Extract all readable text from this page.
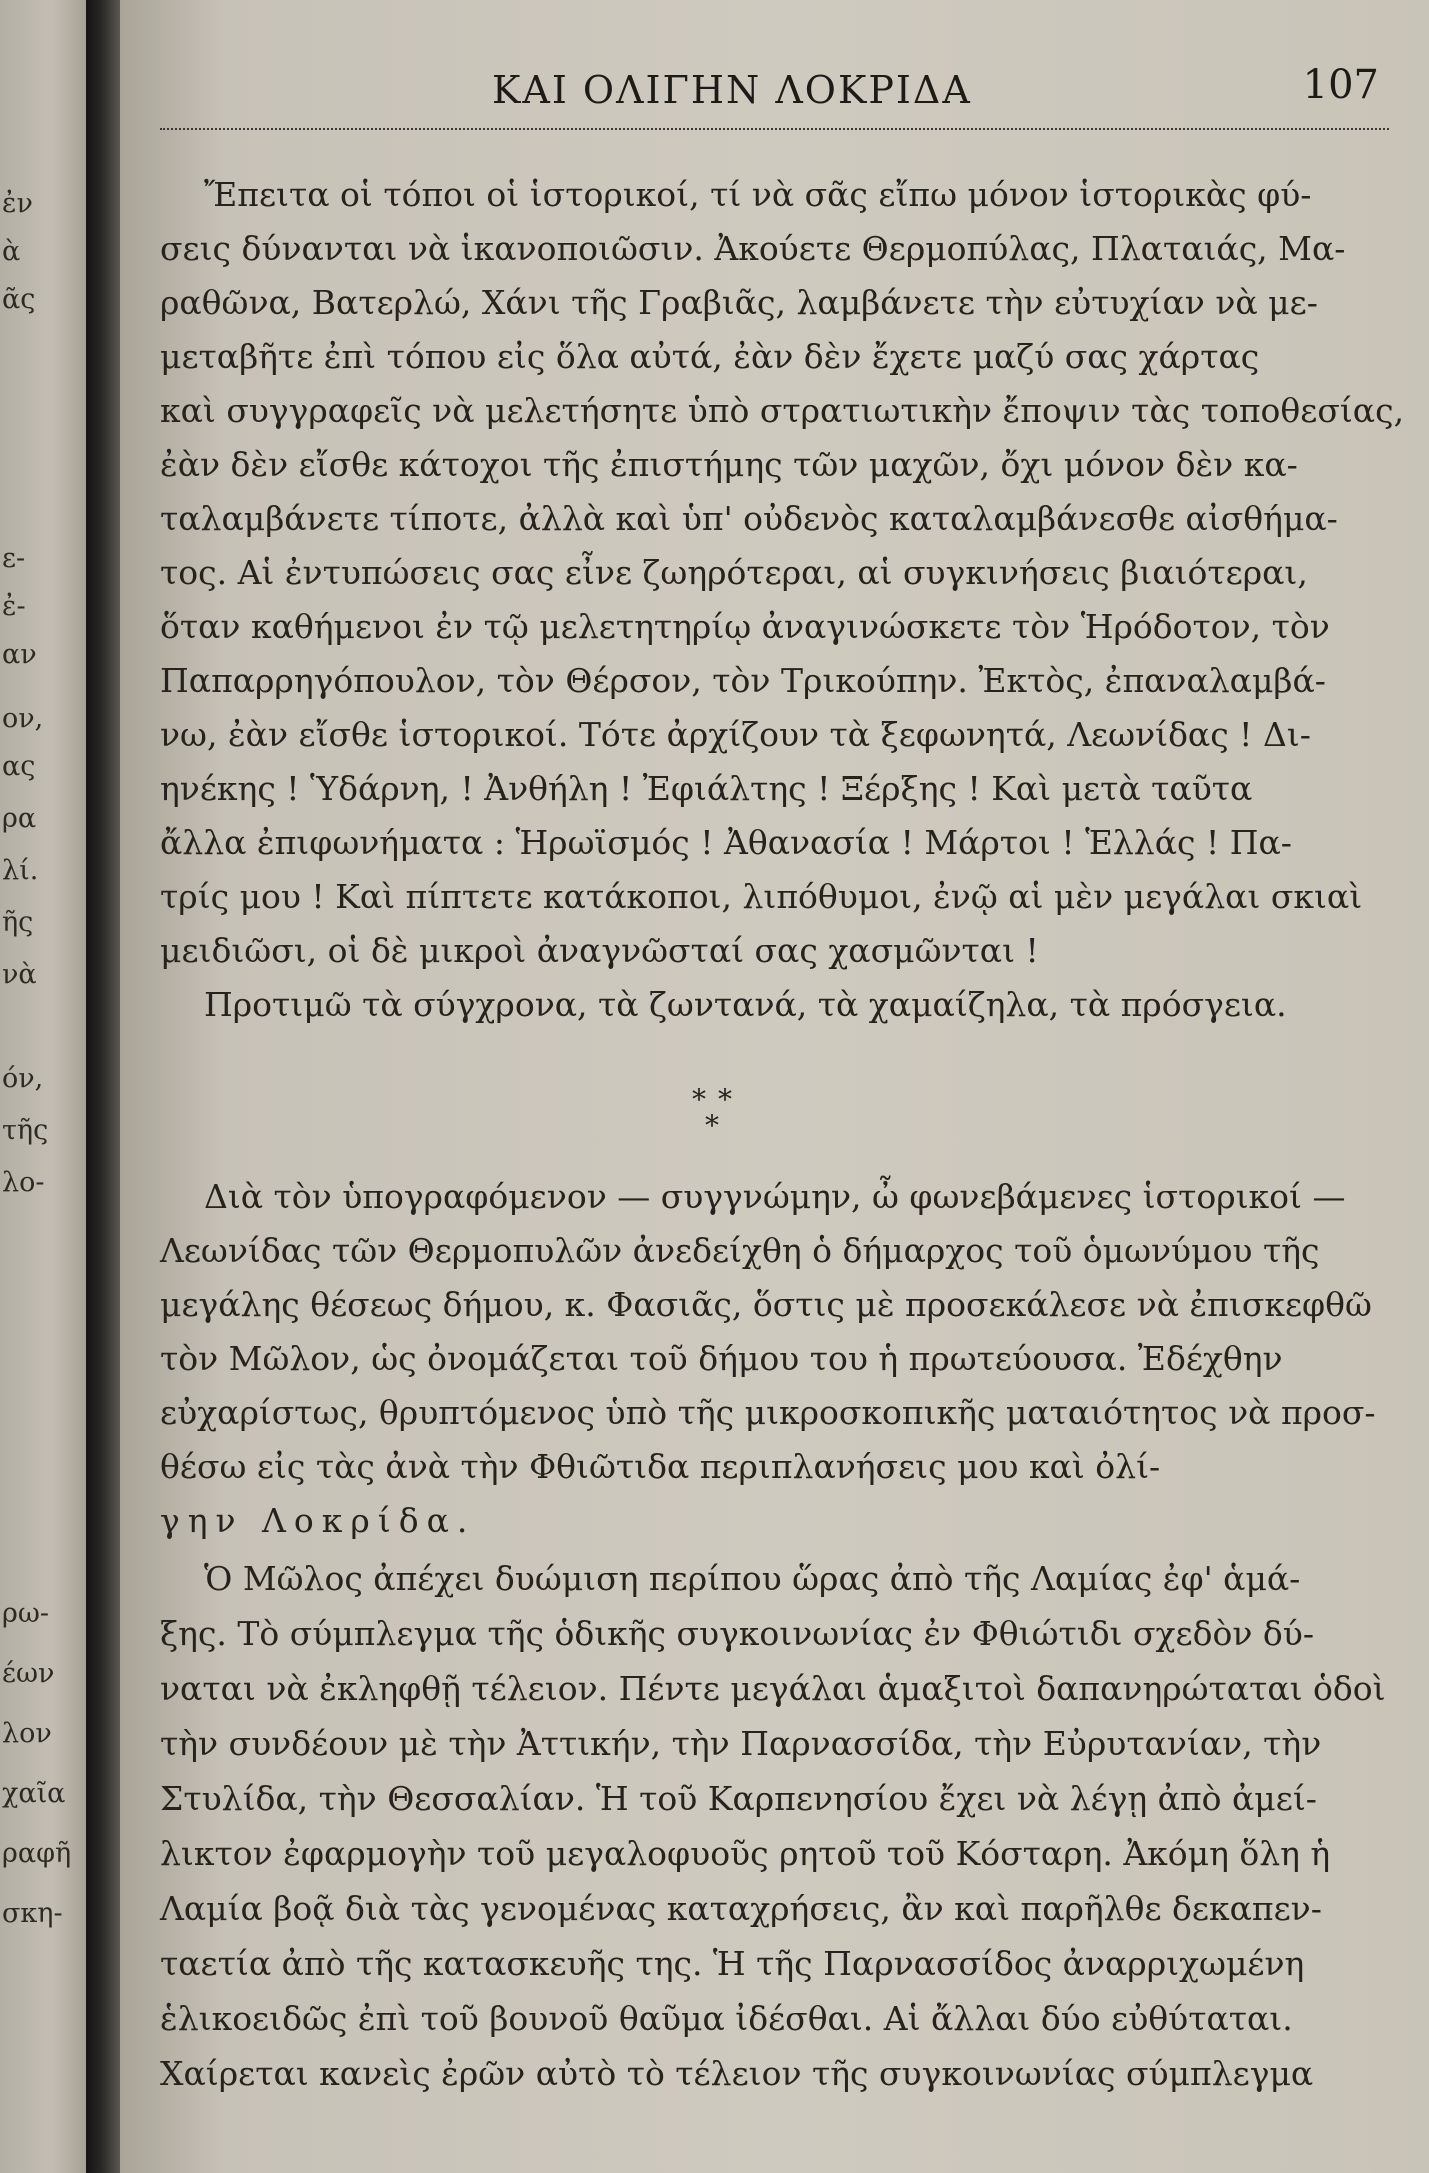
ἐν
ὰ
ᾶς
ε-
ἐ-
αν
ον,
ας
ρα
λί.
ῆς
νὰ
όν,
τῆς
λο-
ρω-
έων
λον
χαῖα
ραφῆ
σκη-
ΚΑΙ ΟΛΙΓΗΝ ΛΟΚΡΙΔΑ	107
Ἔπειτα οἱ τόποι οἱ ἱστορικοί, τί νὰ σᾶς εἴπω μόνον ἱστορικὰς φύ-
σεις δύνανται νὰ ἱκανοποιῶσιν. Ἀκούετε Θερμοπύλας, Πλαταιάς, Μα-
ραθῶνα, Βατερλώ, Χάνι τῆς Γραβιᾶς, λαμβάνετε τὴν εὐτυχίαν νὰ με-
μεταβῆτε ἐπὶ τόπου εἰς ὅλα αὐτά, ἐὰν δὲν ἔχετε μαζύ σας χάρτας
καὶ συγγραφεῖς νὰ μελετήσητε ὑπὸ στρατιωτικὴν ἔποψιν τὰς τοποθεσίας,
ἐὰν δὲν εἴσθε κάτοχοι τῆς ἐπιστήμης τῶν μαχῶν, ὄχι μόνον δὲν κα-
ταλαμβάνετε τίποτε, ἀλλὰ καὶ ὑπ' οὐδενὸς καταλαμβάνεσθε αἰσθήμα-
τος. Αἱ ἐντυπώσεις σας εἶνε ζωηρότεραι, αἱ συγκινήσεις βιαιότεραι,
ὅταν καθήμενοι ἐν τῷ μελετητηρίῳ ἀναγινώσκετε τὸν Ἡρόδοτον, τὸν
Παπαρρηγόπουλον, τὸν Θέρσον, τὸν Τρικούπην. Ἐκτὸς, ἐπαναλαμβά-
νω, ἐὰν εἴσθε ἱστορικοί. Τότε ἀρχίζουν τὰ ξεφωνητά, Λεωνίδας ! Δι-
ηνέκης ! Ὑδάρνη, ! Ἀνθήλη ! Ἐφιάλτης ! Ξέρξης ! Καὶ μετὰ ταῦτα
ἄλλα ἐπιφωνήματα : Ἡρωϊσμός ! Ἀθανασία ! Μάρτοι ! Ἑλλάς ! Πα-
τρίς μου ! Καὶ πίπτετε κατάκοποι, λιπόθυμοι, ἐνῷ αἱ μὲν μεγάλαι σκιαὶ
μειδιῶσι, οἱ δὲ μικροὶ ἀναγνῶσταί σας χασμῶνται !
Προτιμῶ τὰ σύγχρονα, τὰ ζωντανά, τὰ χαμαίζηλα, τὰ πρόσγεια.
* *
*
Διὰ τὸν ὑπογραφόμενον — συγγνώμην, ὦ φωνεβάμενες ἱστορικοί —
Λεωνίδας τῶν Θερμοπυλῶν ἀνεδείχθη ὁ δήμαρχος τοῦ ὁμωνύμου τῆς
μεγάλης θέσεως δήμου, κ. Φασιᾶς, ὅστις μὲ προσεκάλεσε νὰ ἐπισκεφθῶ
τὸν Μῶλον, ὡς ὀνομάζεται τοῦ δήμου του ἡ πρωτεύουσα. Ἐδέχθην
εὐχαρίστως, θρυπτόμενος ὑπὸ τῆς μικροσκοπικῆς ματαιότητος νὰ προσ-
θέσω εἰς τὰς ἀνὰ τὴν Φθιῶτιδα περιπλανήσεις μου καὶ ὀλί-
γην Λοκρίδα.
Ὁ Μῶλος ἀπέχει δυώμιση περίπου ὥρας ἀπὸ τῆς Λαμίας ἐφ' ἁμά-
ξης. Τὸ σύμπλεγμα τῆς ὁδικῆς συγκοινωνίας ἐν Φθιώτιδι σχεδὸν δύ-
ναται νὰ ἐκληφθῇ τέλειον. Πέντε μεγάλαι ἁμαξιτοὶ δαπανηρώταται ὁδοὶ
τὴν συνδέουν μὲ τὴν Ἀττικήν, τὴν Παρνασσίδα, τὴν Εὐρυτανίαν, τὴν
Στυλίδα, τὴν Θεσσαλίαν. Ἡ τοῦ Καρπενησίου ἔχει νὰ λέγῃ ἀπὸ ἀμεί-
λικτον ἐφαρμογὴν τοῦ μεγαλοφυοῦς ρητοῦ τοῦ Κόσταρη. Ἀκόμη ὅλη ἡ
Λαμία βοᾷ διὰ τὰς γενομένας καταχρήσεις, ἂν καὶ παρῆλθε δεκαπεν-
ταετία ἀπὸ τῆς κατασκευῆς της. Ἡ τῆς Παρνασσίδος ἀναρριχωμένη
ἑλικοειδῶς ἐπὶ τοῦ βουνοῦ θαῦμα ἰδέσθαι. Αἱ ἄλλαι δύο εὐθύταται.
Χαίρεται κανεὶς ἐρῶν αὐτὸ τὸ τέλειον τῆς συγκοινωνίας σύμπλεγμα
